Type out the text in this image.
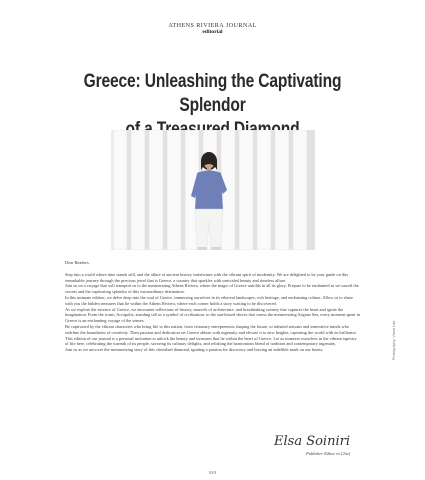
ATHENS RIVIERA JOURNAL
editorial
Greece: Unleashing the Captivating Splendor

Dear Readers,

Step into a world where time stands still, and the allure of ancient history intertwines with the vibrant spirit of modernity. We are delighted to be your guide on this remarkable journey through the precious jewel that is Greece, a country that sparkles with unrivaled beauty and timeless allure.

Join us on a voyage that will transport us to the mesmerizing Athens Riviera, where the magic of Greece unfolds in all its glory. Prepare to be enchanted as we unveil the secrets and the captivating splendor of this extraordinary destination.

In this intimate edition, we delve deep into the soul of Greece, immersing ourselves in its ethereal landscapes, rich heritage, and enchanting culture. Allow us to share with you the hidden treasures that lie within the Athens Riviera, where each corner holds a story waiting to be discovered.

As we explore the essence of Greece, we encounter reflections of history, marvels of architecture, and breathtaking scenery that captures the heart and ignite the imagination. From the iconic Acropolis, standing tall as a symbol of civilization, to the sun-kissed shores that caress the mesmerizing Aegean Sea, every moment spent in Greece is an enchanting voyage of the senses.

Be captivated by the vibrant characters who bring life to this nation, from visionary entrepreneurs shaping the future, to talented artisans and innovative minds who redefine the boundaries of creativity. Their passion and dedication set Greece ablaze with ingenuity and elevate it to new heights, capturing the world with its brilliance.

This edition of our journal is a personal invitation to unlock the beauty and treasures that lie within the heart of Greece. Let us immerse ourselves in the vibrant tapestry of life here, celebrating the warmth of its people, savoring its culinary delights, and relishing the harmonious blend of tradition and contemporary ingenuity.

Join us as we uncover the mesmerizing story of this cherished diamond, igniting a passion for discovery and leaving an indelible mark on our hearts.

Elsa Soiniri
Publisher-Editor in Chief
Photography: Visual Lab
019
